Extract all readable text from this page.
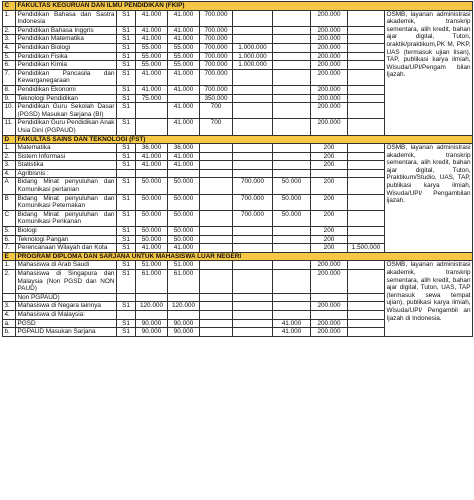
C	FAKULTAS KEGURUAN DAN ILMU PENDIDIKAN (FKIP)									
1.	Pendidikan Bahasa dan Sastra Indonesia	S1	41.000	41.000	700.000			200.000		OSMB, layanan administrasi akademik, transkrip sementara, alih kredit, bahan ajar digital, Tuton, oraktik/praktikum,PK M, PKP, UAS (termasuk ujian lisan), TAP, publikasi karya ilmiah, Wisuda/UPI/Pengam bilan Ijazah.
2.	Pendidikan Bahasa Inggris	S1	41.000	41.000	700.000			200.000		
3.	Pendidikan Matematika	S1	41.000	41.000	700.000			200.000		
4.	Pendidikan Biologi	S1	55.000	55.000	700.000	1.000.000		200.000		
5.	Pendidikan Fisika	S1	55.000	55.000	700.000	1.000.000		200.000		
6.	Pendidikan Kimia	S1	55.000	55.000	700.000	1.000.000		200.000		
7.	Pendidikan Pancasila dan Kewarganegaraan	S1	41.000	41.000	700.000			200.000		
8.	Pendidikan Ekonomi	S1	41.000	41.000	700.000			200.000		
9.	Teknologi Pendidikan	S1	75.000		350.000			200.000		
10.	Pendidikan Guru Sekolah Dasar (PGSD) Masukan Sarjana (BI)	S1		41.000	700			200.000		
11.	Pendidikan Guru Pendidikan Anak Usia Dini (PGPAUD)	S1		41.000	700			200.000		
D	FAKULTAS SAINS DAN TEKNOLOGI (FST)									
1.	Matematika	S1	36.000	36.000				200		OSMB, layanan administrasi akademik, transkrip sementara, alih kredit, bahan ajar digital, Tuton, Praktikum/Studio, UAS, TAP, publikasi karya ilmiah, Wisuda/UPI/ Pengambilan ijazah.
2.	Sistem Informasi	S1	41.000	41.000				200		
3.	Statistika	S1	41.000	41.000				200		
4.	Agribisnis :									
A	Bidang Minat penyuluhan dan Komunikasi pertanian	S1	50.000	50.000		700.000	50.000	200		
B	Bidang Minat penyuluhan dan Komunikasi Peternakan	S1	50.000	50.000		700.000	50.000	200		
C	Bidang Minat penyuluhan dan Komunikasi Perikanan	S1	50.000	50.000		700.000	50.000	200		
5.	Biologi	S1	50.000	50.000				200		
6.	Teknologi Pangan	S1	50.000	50.000				200		
7.	Perencanaan Wilayah dan Kota	S1	41.000	41.000				200	1.500.000	
E	PROGRAM DIPLOMA DAN SARJANA UNTUK MAHASISWA LUAR NEGERI									
1.	Mahasiswa di Arab Saudi	S1	51.000	51.000				200.000		OSMB, layanan administrasi akademik, transkrip sementara, alih kredit, bahan ajar digital, Tuton, UAS, TAP (termasuk sewa tempat ujian), publikasi karya ilmiah, Wisuda/UPI/ Pengambil an Ijazah di Indonesia.
2.	Mahasiswa di Singapura dan Malaysia (Non PGSD dan NON PAUD)	S1	61.000	61.000				200.000		
	Non PGPAUD)									
3.	Mahasiswa di Negara lainnya	S1	120.000	120.000				200.000		
4.	Mahasiswa di Malaysia:									
a.	PGSD	S1	90.000	90.000			41.000	200.000		
b.	PGPAUD Masukan Sarjana	S1	90.000	90.000			41.000	200.000		
